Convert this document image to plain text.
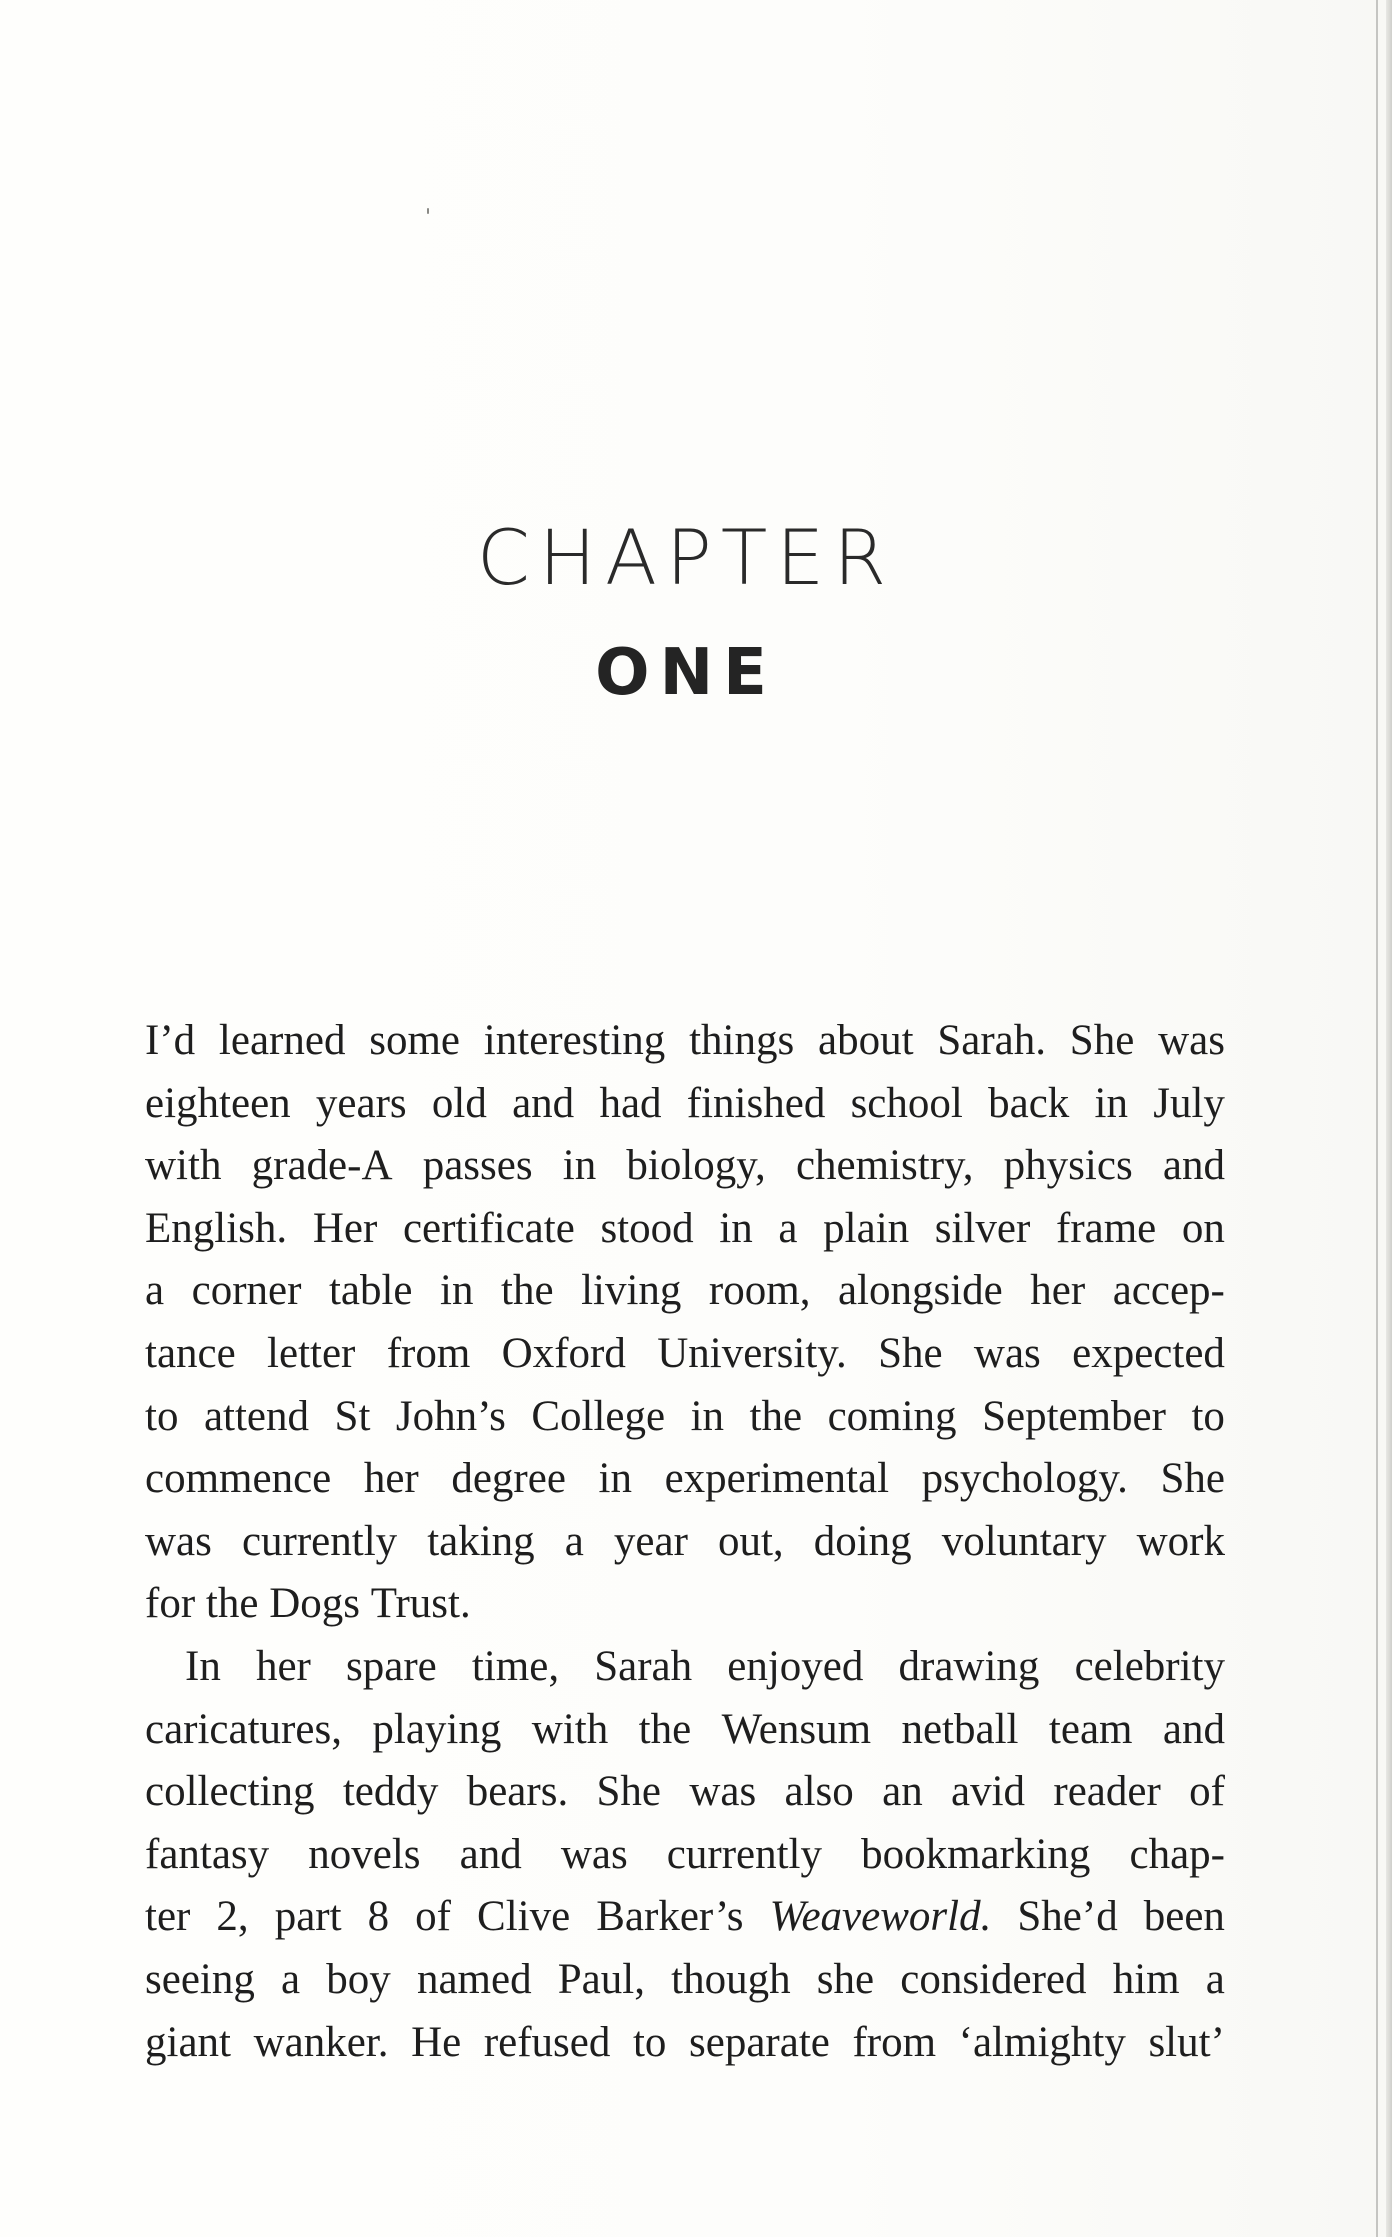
CHAPTER
ONE
I’d learned some interesting things about Sarah. She was
eighteen years old and had finished school back in July
with grade-A passes in biology, chemistry, physics and
English. Her certificate stood in a plain silver frame on
a corner table in the living room, alongside her accep-
tance letter from Oxford University. She was expected
to attend St John’s College in the coming September to
commence her degree in experimental psychology. She
was currently taking a year out, doing voluntary work
for
the
Dogs
Trust.

In her spare time, Sarah enjoyed drawing celebrity
caricatures, playing with the Wensum netball team and
collecting teddy bears. She was also an avid reader of
fantasy novels and was currently bookmarking chap-
ter 2, part 8 of Clive Barker’s Weaveworld. She’d been
seeing a boy named Paul, though she considered him a
giant wanker. He refused to separate from ‘almighty slut’
